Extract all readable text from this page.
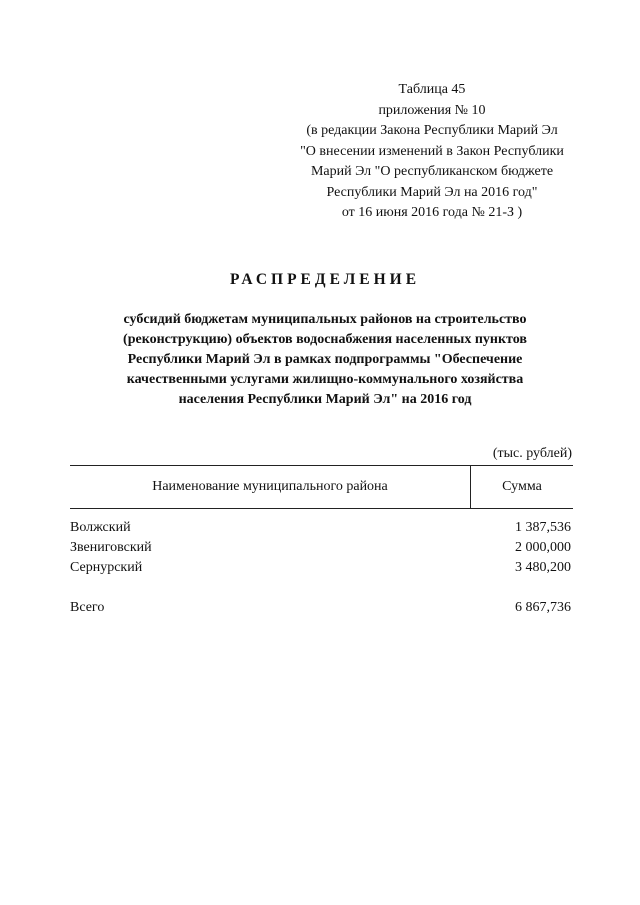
Таблица 45
приложения № 10
(в редакции Закона Республики Марий Эл
"О внесении изменений в Закон Республики
Марий Эл "О республиканском бюджете
Республики Марий Эл на 2016 год"
от 16 июня 2016 года № 21-З )
РАСПРЕДЕЛЕНИЕ
субсидий бюджетам муниципальных районов на строительство
(реконструкцию) объектов водоснабжения населенных пунктов
Республики Марий Эл в рамках подпрограммы "Обеспечение
качественными услугами жилищно-коммунального хозяйства
населения Республики Марий Эл" на 2016 год
(тыс. рублей)
Наименование муниципального района	Сумма
Волжский	1 387,536
Звениговский	2 000,000
Сернурский	3 480,200
Всего	6 867,736
